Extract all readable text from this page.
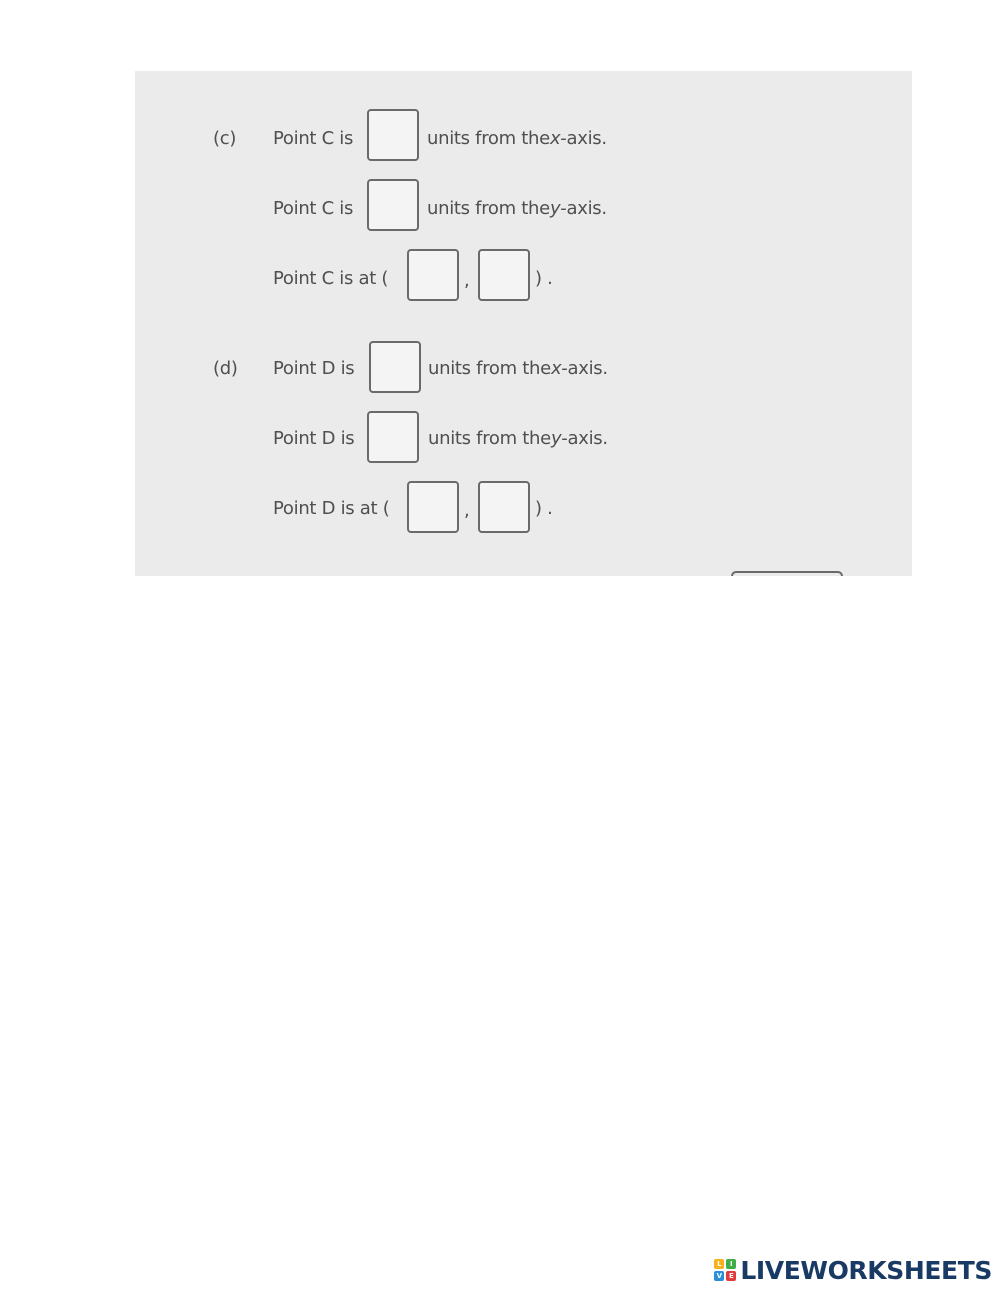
(c) Point C is	units from the x -axis.
Point C is	units from the y -axis.
Point C is at (	,	) .
(d) Point D is	units from the x -axis.
Point D is	units from the y -axis.
Point D is at (	,	) .
L	I
V E LIVEWORKSHEETS
